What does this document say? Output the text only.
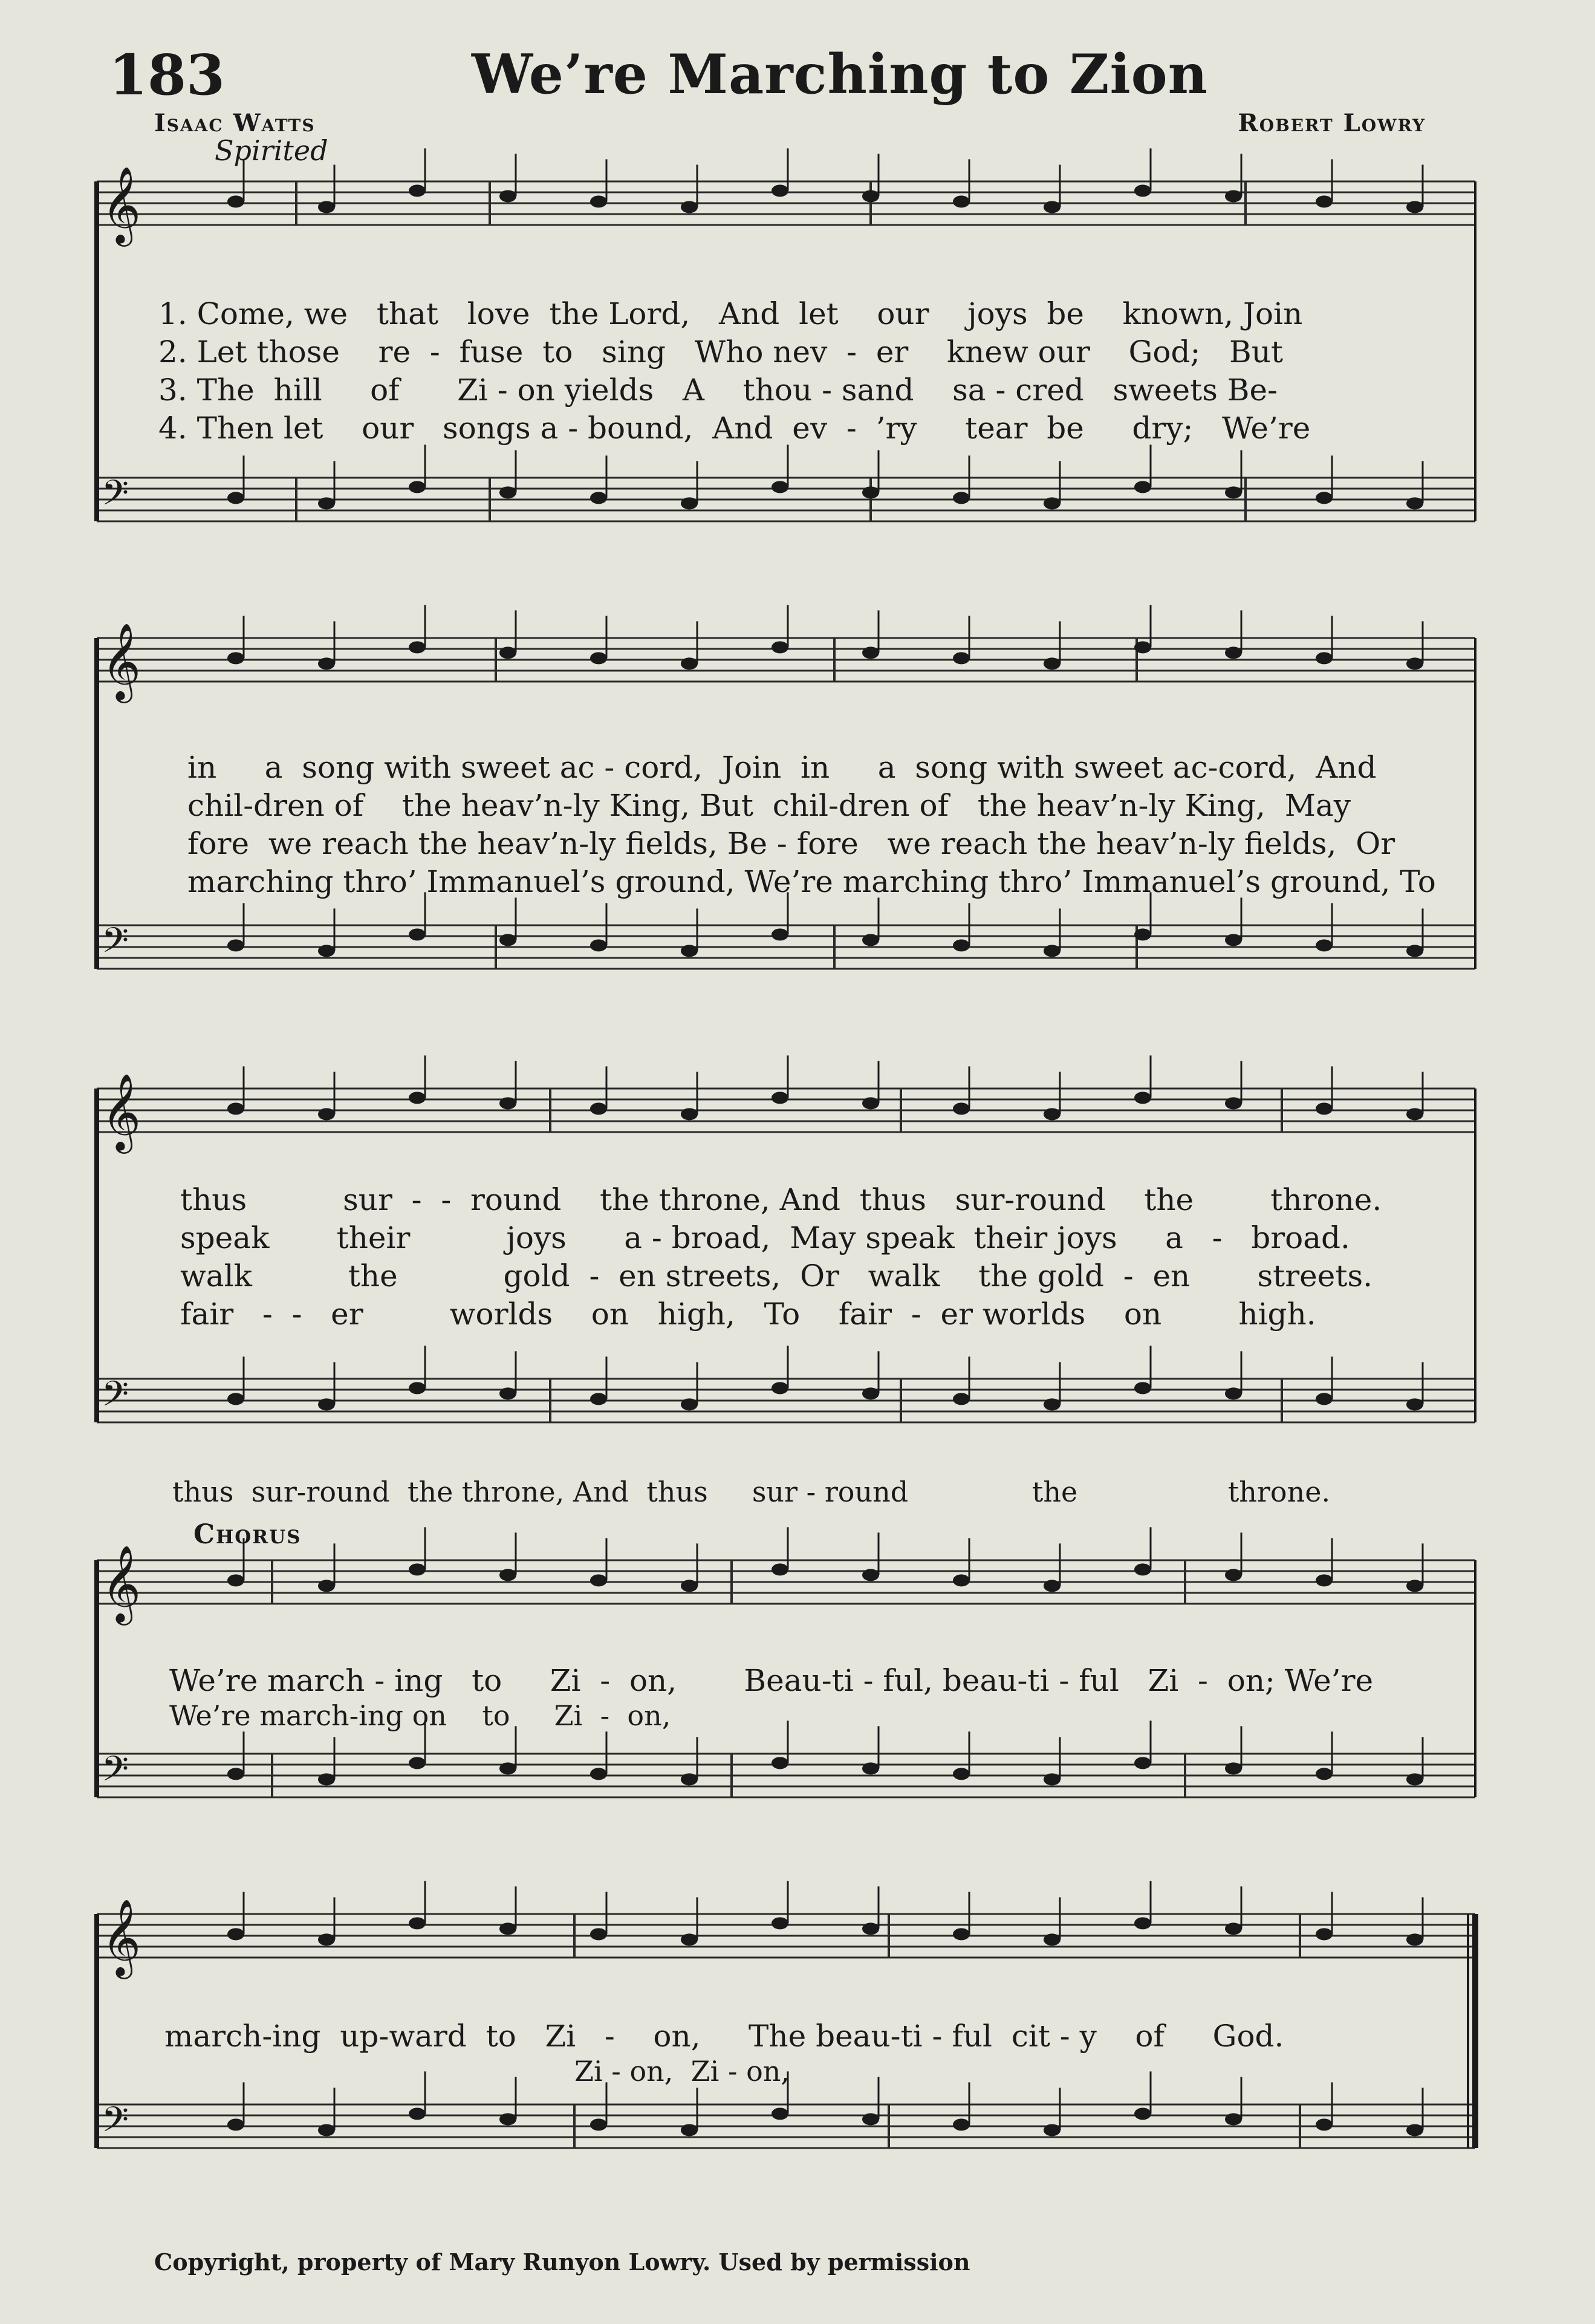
183	We’re Marching to Zion
Isaac Watts	Robert Lowry
Spirited
𝄞
𝄢
𝄞
𝄢
𝄞
𝄢
𝄞
𝄢
𝄞
𝄢
1. Come, we   that   love  the Lord,   And  let    our    joys  be    known, Join
2. Let those    re  -  fuse  to   sing   Who nev  -  er    knew our    God;   But
3. The  hill     of      Zi - on yields   A    thou - sand    sa - cred   sweets Be-
4. Then let    our   songs a - bound,  And  ev  -  ’ry     tear  be     dry;   We’re
in     a  song with sweet ac - cord,  Join  in     a  song with sweet ac-cord,  And
chil-dren of    the heav’n-ly King, But  chil-dren of   the heav’n-ly King,  May
fore  we reach the heav’n-ly fields, Be - fore   we reach the heav’n-ly fields,  Or
marching thro’ Immanuel’s ground, We’re marching thro’ Immanuel’s ground, To
thus          sur  -  -  round    the throne, And  thus   sur-round    the        throne.
speak       their          joys      a - broad,  May speak  their joys     a   -   broad.
walk          the           gold  -  en streets,  Or   walk    the gold  -  en       streets.
fair   -  -   er         worlds    on   high,   To    fair  -  er worlds    on        high.
thus  sur-round  the throne, And  thus     sur - round              the                 throne.
Chorus
We’re march - ing   to     Zi  -  on,       Beau-ti - ful, beau-ti - ful   Zi  -  on; We’re
We’re march-ing on    to     Zi  -  on,
march-ing  up-ward  to   Zi   -    on,     The beau-ti - ful  cit - y    of     God.
Zi - on,  Zi - on,
Copyright, property of Mary Runyon Lowry. Used by permission
